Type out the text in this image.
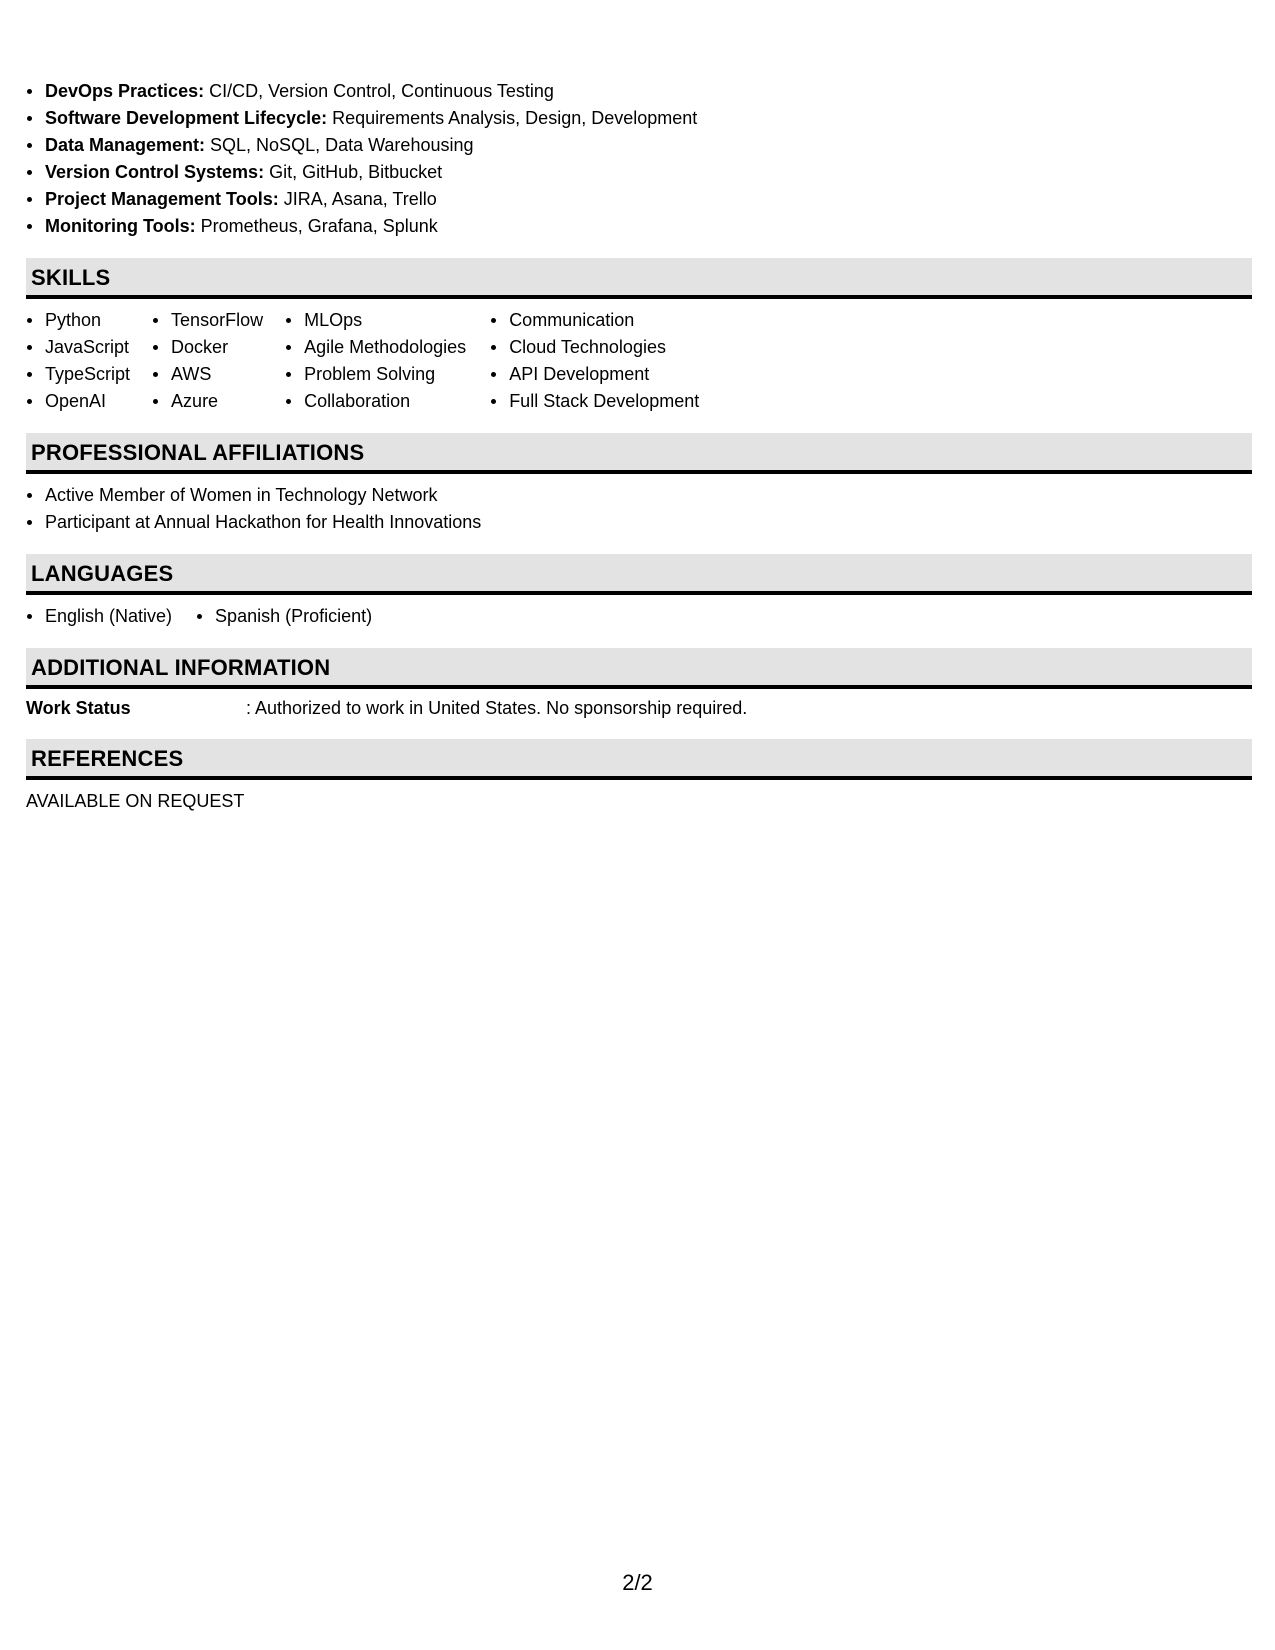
DevOps Practices: CI/CD, Version Control, Continuous Testing
Software Development Lifecycle: Requirements Analysis, Design, Development
Data Management: SQL, NoSQL, Data Warehousing
Version Control Systems: Git, GitHub, Bitbucket
Project Management Tools: JIRA, Asana, Trello
Monitoring Tools: Prometheus, Grafana, Splunk
SKILLS
Python
JavaScript
TypeScript
OpenAI
TensorFlow
Docker
AWS
Azure
MLOps
Agile Methodologies
Problem Solving
Collaboration
Communication
Cloud Technologies
API Development
Full Stack Development
PROFESSIONAL AFFILIATIONS
Active Member of Women in Technology Network
Participant at Annual Hackathon for Health Innovations
LANGUAGES
English (Native)	Spanish (Proficient)
ADDITIONAL INFORMATION
Work Status	: Authorized to work in United States. No sponsorship required.
REFERENCES
AVAILABLE ON REQUEST
2/2
